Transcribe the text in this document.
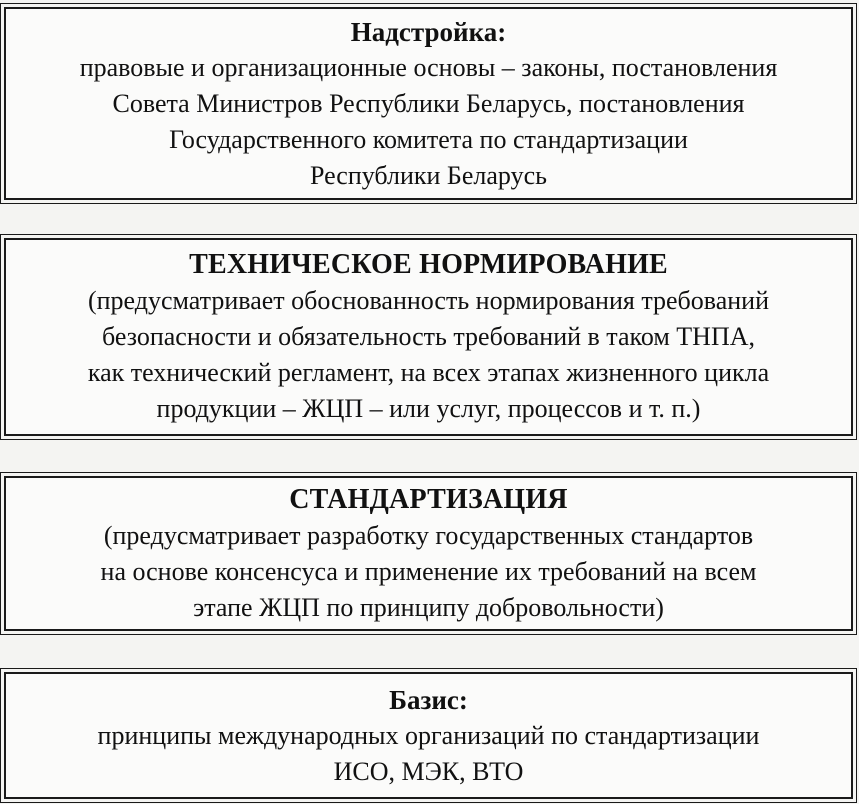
Надстройка:
правовые и организационные основы – законы, постановления
Совета Министров Республики Беларусь, постановления
Государственного комитета по стандартизации
Республики Беларусь
ТЕХНИЧЕСКОЕ НОРМИРОВАНИЕ
(предусматривает обоснованность нормирования требований
безопасности и обязательность требований в таком ТНПА,
как технический регламент, на всех этапах жизненного цикла
продукции – ЖЦП – или услуг, процессов и т. п.)
СТАНДАРТИЗАЦИЯ
(предусматривает разработку государственных стандартов
на основе консенсуса и применение их требований на всем
этапе ЖЦП по принципу добровольности)
Базис:
принципы международных организаций по стандартизации
ИСО, МЭК, ВТО
